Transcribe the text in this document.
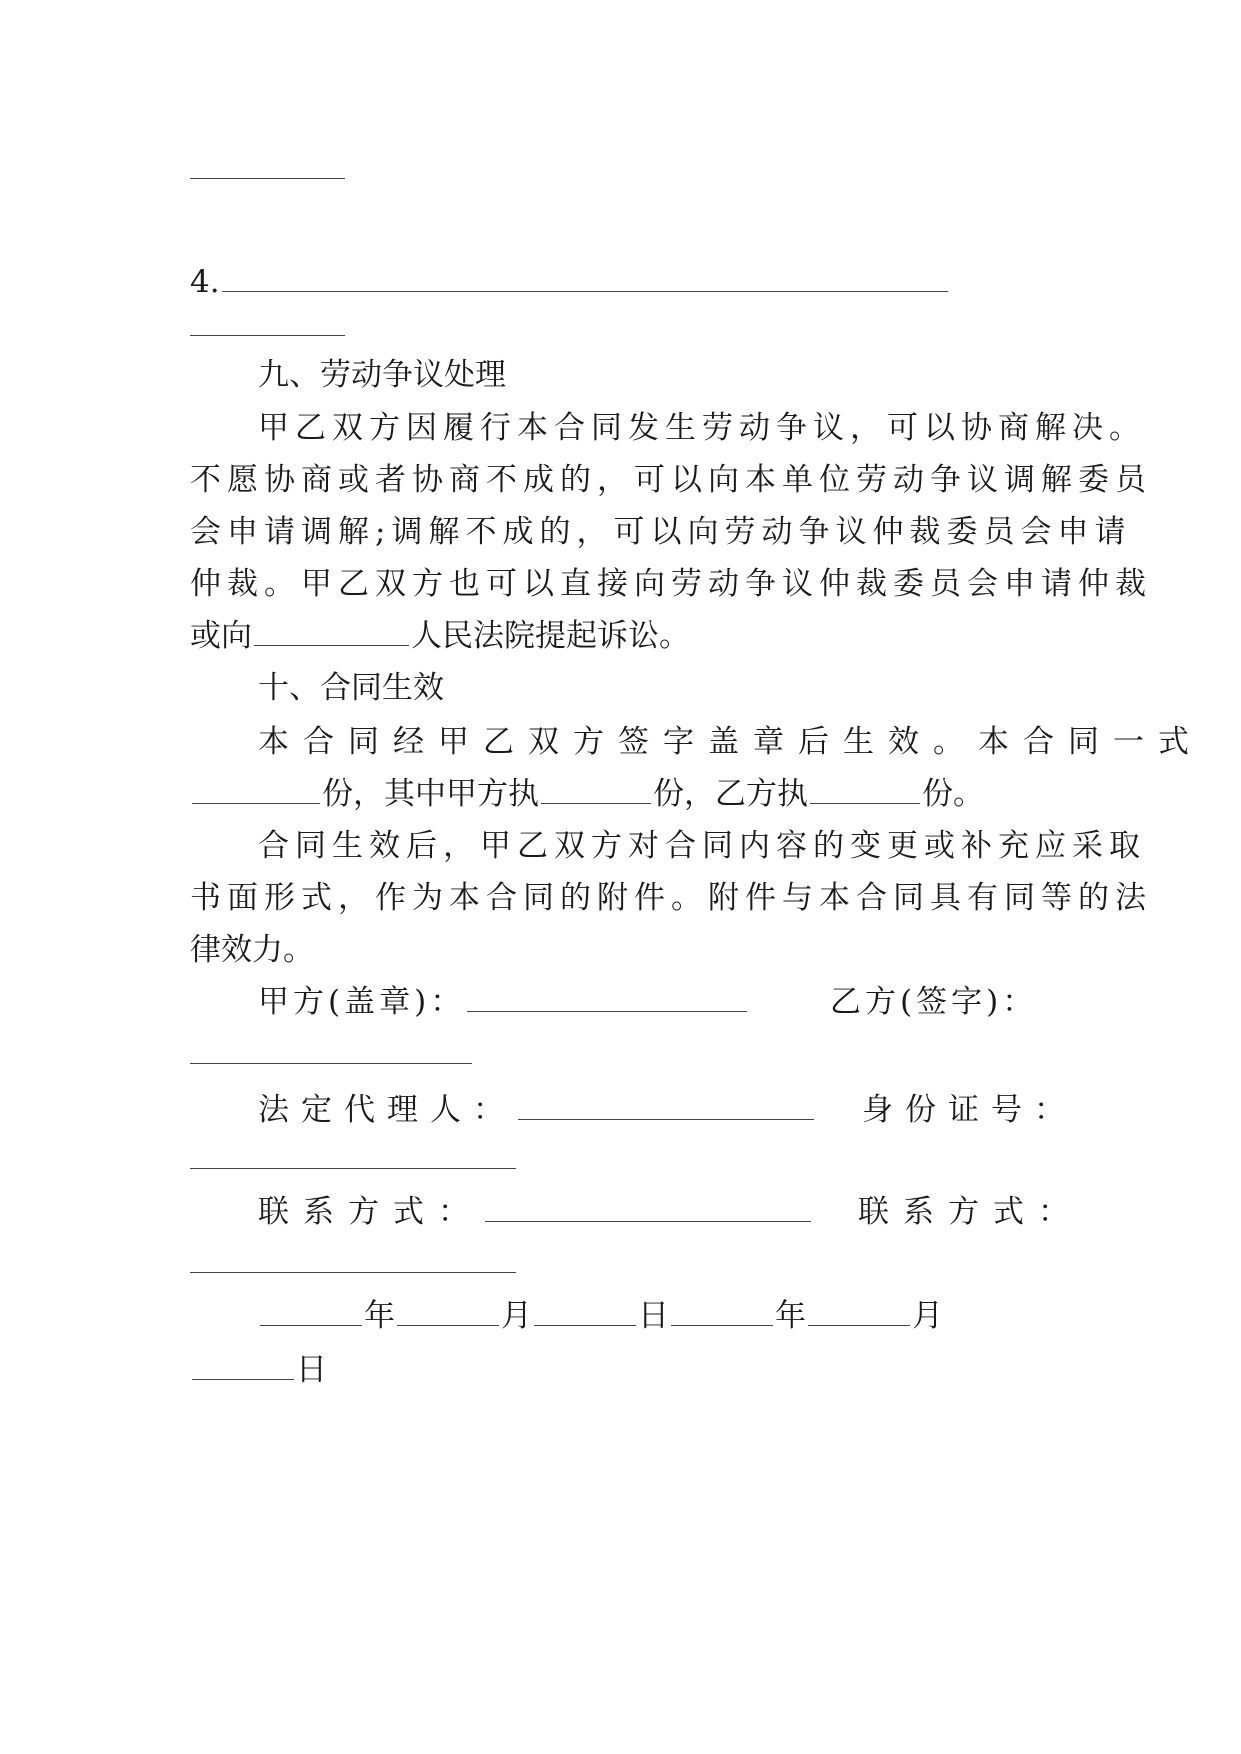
4.
九、劳动争议处理
甲乙双方因履行本合同发生劳动争议，可以协商解决。
不愿协商或者协商不成的，可以向本单位劳动争议调解委员
会申请调解;调解不成的，可以向劳动争议仲裁委员会申请
仲裁。甲乙双方也可以直接向劳动争议仲裁委员会申请仲裁
或向	人民法院提起诉讼。
十、合同生效
本合同经甲乙双方签字盖章后生效。本合同一式
份，其中甲方执	份，乙方执	份。
合同生效后，甲乙双方对合同内容的变更或补充应采取
书面形式，作为本合同的附件。附件与本合同具有同等的法
律效力。
甲方(盖章)：	乙方(签字)：
法定代理人：	身份证号：
联系方式：	联系方式：
年	月	日	年	月
日
